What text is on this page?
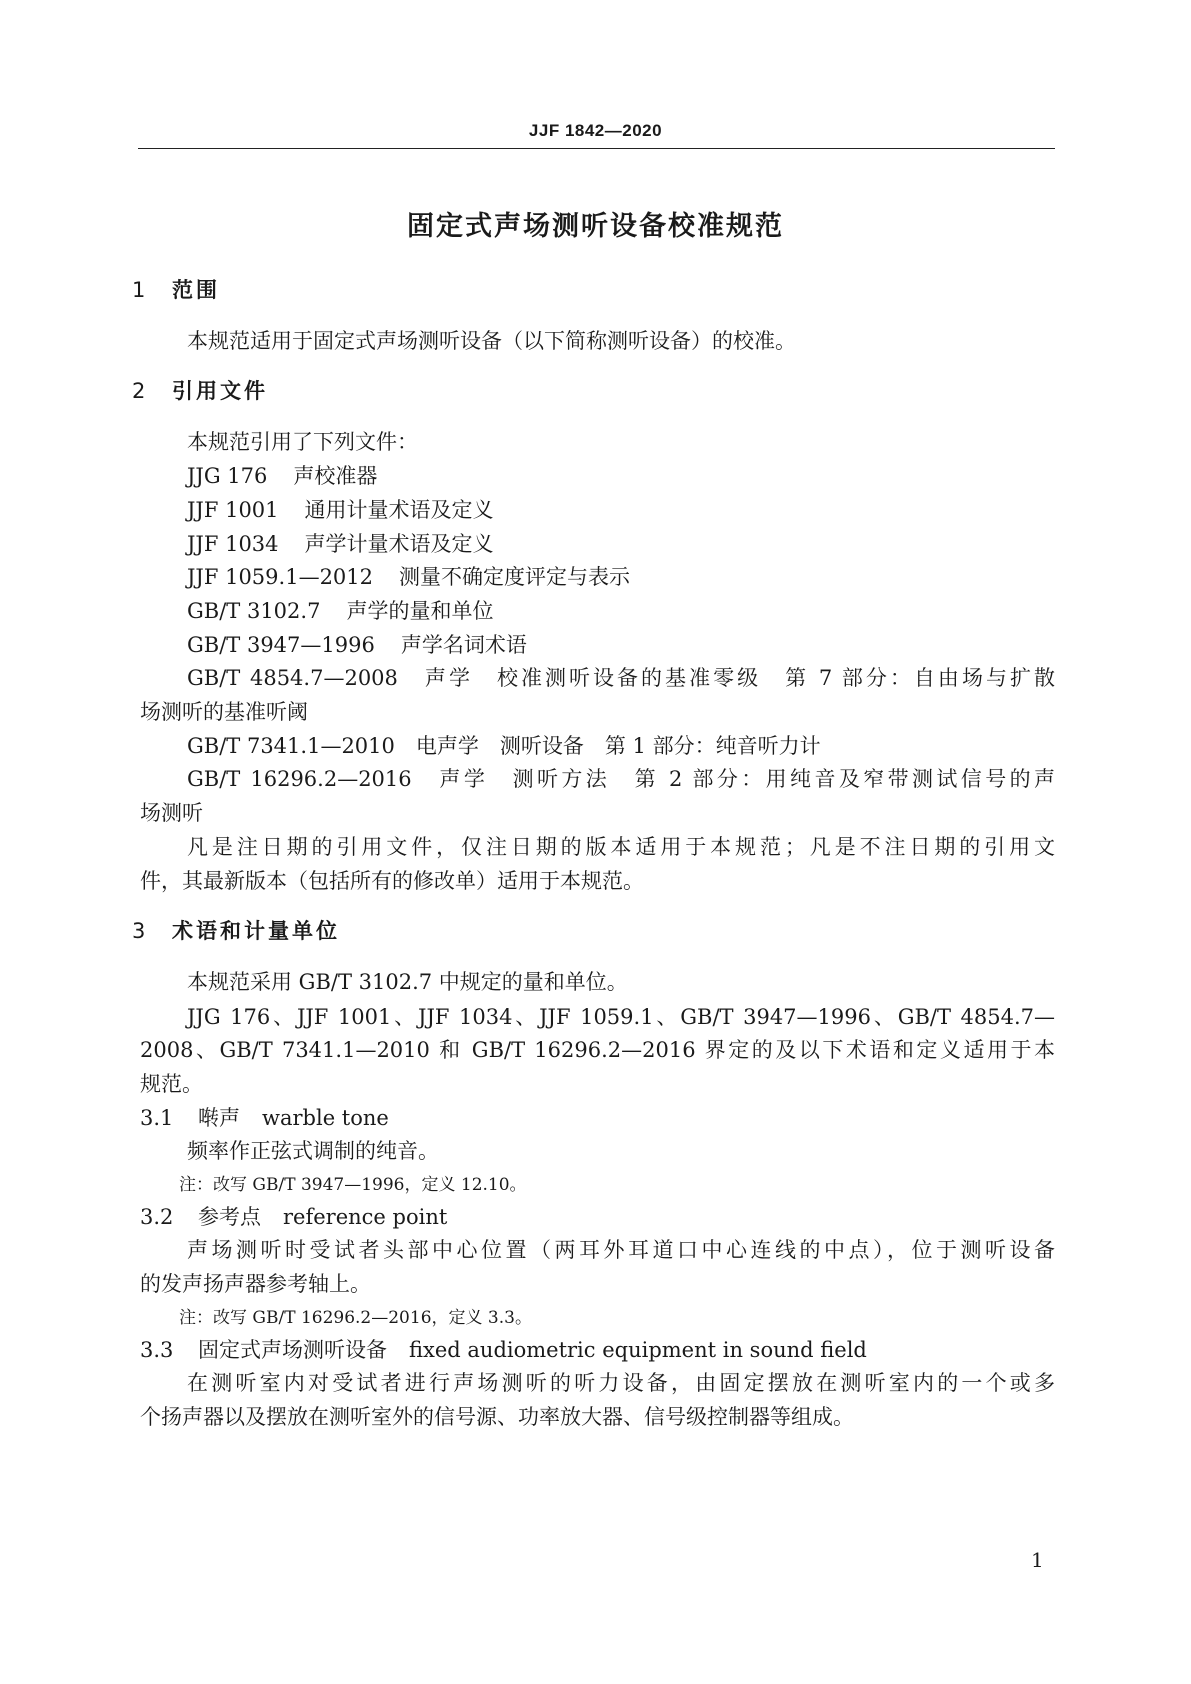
JJF 1842—2020
固定式声场测听设备校准规范
1 范围
本规范适用于固定式声场测听设备（以下简称测听设备）的校准。
2 引用文件
本规范引用了下列文件：
JJG 176 声校准器
JJF 1001 通用计量术语及定义
JJF 1034 声学计量术语及定义
JJF 1059.1—2012 测量不确定度评定与表示
GB/T 3102.7 声学的量和单位
GB/T 3947—1996 声学名词术语
GB/T 4854.7—2008　声学　校准测听设备的基准零级　第 7 部分：自由场与扩散
场测听的基准听阈
GB/T 7341.1—2010　电声学　测听设备　第 1 部分：纯音听力计
GB/T 16296.2—2016　声学　测听方法　第 2 部分：用纯音及窄带测试信号的声
场测听
凡是注日期的引用文件，仅注日期的版本适用于本规范；凡是不注日期的引用文
件，其最新版本（包括所有的修改单）适用于本规范。
3 术语和计量单位
本规范采用 GB/T 3102.7 中规定的量和单位。
JJG 176、JJF 1001、JJF 1034、JJF 1059.1、GB/T 3947—1996、GB/T 4854.7—
2008、GB/T 7341.1—2010 和 GB/T 16296.2—2016 界定的及以下术语和定义适用于本
规范。
3.1 啭声 warble tone
频率作正弦式调制的纯音。
注：改写 GB/T 3947—1996，定义 12.10。
3.2 参考点 reference point
声场测听时受试者头部中心位置（两耳外耳道口中心连线的中点），位于测听设备
的发声扬声器参考轴上。
注：改写 GB/T 16296.2—2016，定义 3.3。
3.3 固定式声场测听设备 fixed audiometric equipment in sound field
在测听室内对受试者进行声场测听的听力设备，由固定摆放在测听室内的一个或多
个扬声器以及摆放在测听室外的信号源、功率放大器、信号级控制器等组成。
1
